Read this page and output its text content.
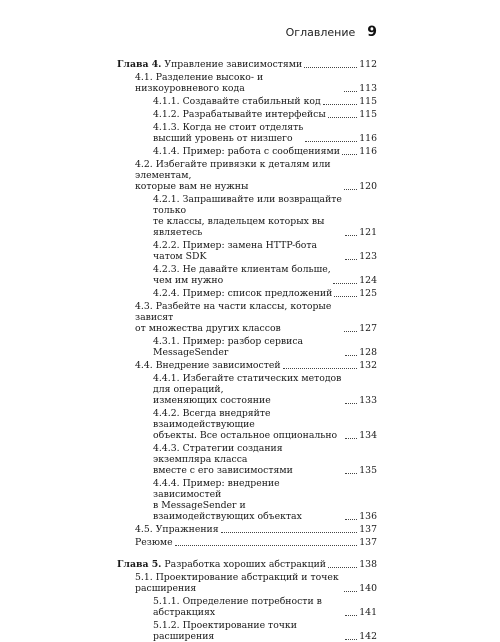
Оглавление 9
Глава 4. Управление зависимостями	112
4.1. Разделение высоко- и низкоуровневого кода	113
4.1.1. Создавайте стабильный код	115
4.1.2. Разрабатывайте интерфейсы	115
4.1.3. Когда не стоит отделять
высший уровень от низшего	116
4.1.4. Пример: работа с сообщениями 116
4.2. Избегайте привязки к деталям или элементам,
которые вам не нужны	120
4.2.1. Запрашивайте или возвращайте только
те классы, владельцем которых вы являетесь	121
4.2.2. Пример: замена HTTP-бота чатом SDK	123
4.2.3. Не давайте клиентам больше,
чем им нужно	124
4.2.4. Пример: список предложений	125
4.3. Разбейте на части классы, которые зависят
от множества других классов	127
4.3.1. Пример: разбор сервиса MessageSender	128
4.4. Внедрение зависимостей	132
4.4.1. Избегайте статических методов для операций,
изменяющих состояние	133
4.4.2. Всегда внедряйте взаимодействующие
объекты. Все остальное опционально	134
4.4.3. Стратегии создания экземпляра класса
вместе с его зависимостями	135
4.4.4. Пример: внедрение зависимостей
в MessageSender и взаимодействующих объектах	136
4.5. Упражнения	137
Резюме	137
Глава 5. Разработка хороших абстракций	138
5.1. Проектирование абстракций и точек расширения	140
5.1.1. Определение потребности в абстракциях	141
5.1.2. Проектирование точки расширения	142
